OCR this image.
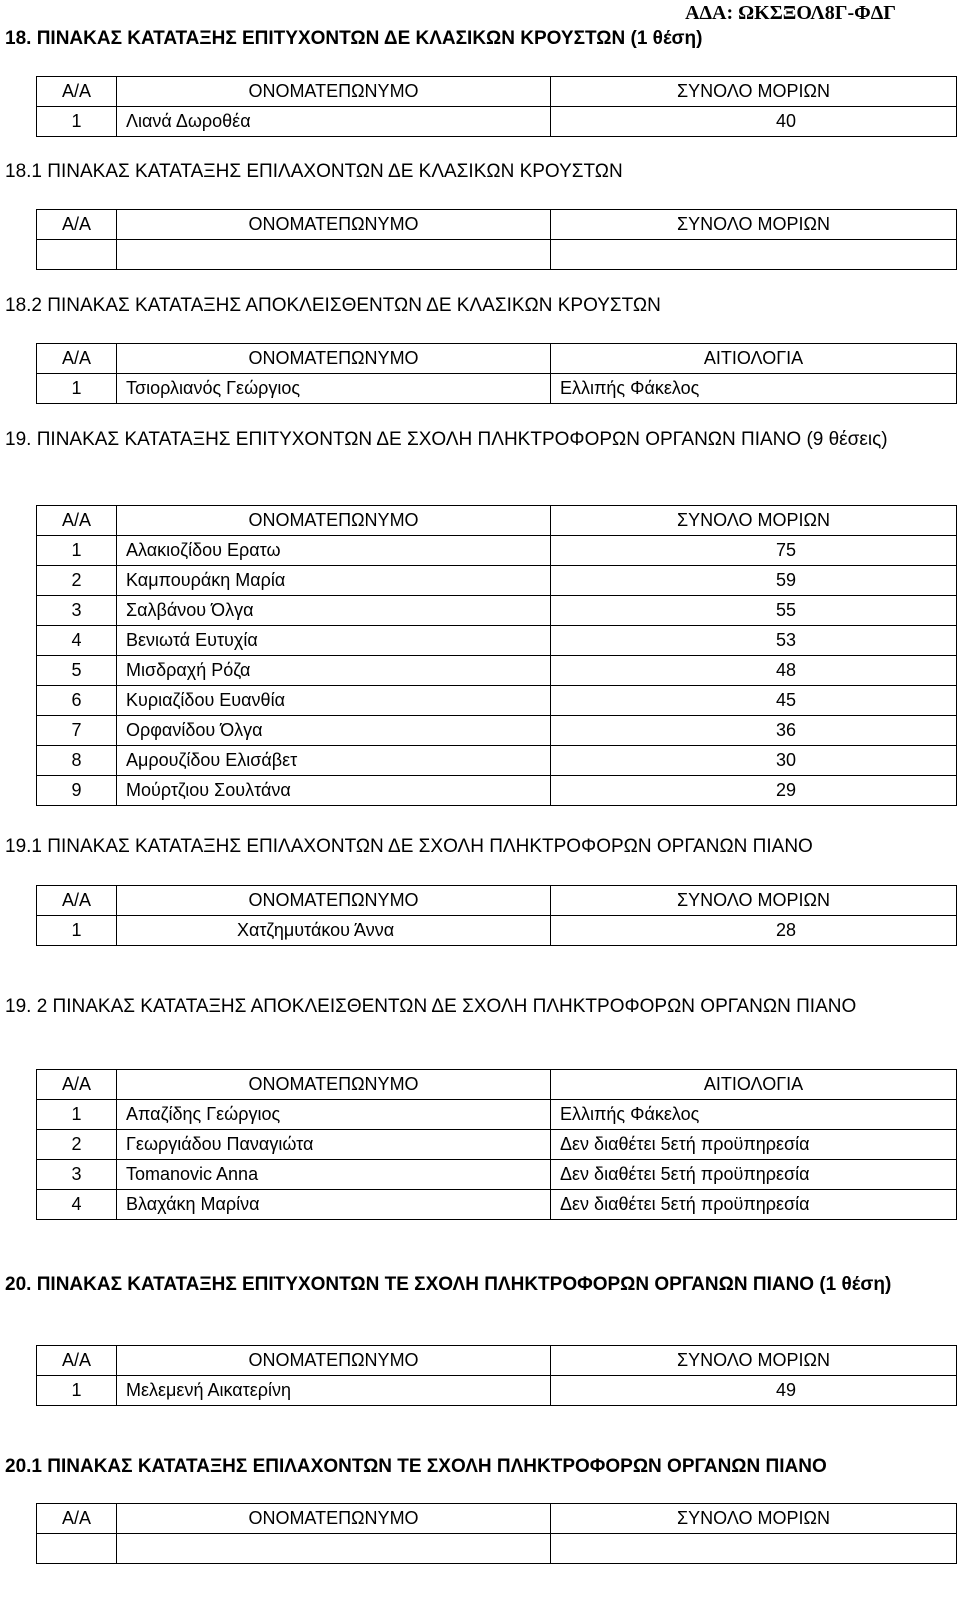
ΑΔΑ: ΩΚΣΞΟΛ8Γ-ΦΔΓ
18. ΠΙΝΑΚΑΣ ΚΑΤΑΤΑΞΗΣ ΕΠΙΤΥΧΟΝΤΩΝ ΔΕ ΚΛΑΣΙΚΩΝ ΚΡΟΥΣΤΩΝ (1 θέση)
Α/Α	ΟΝΟΜΑΤΕΠΩΝΥΜΟ	ΣΥΝΟΛΟ ΜΟΡΙΩΝ
1	Λιανά Δωροθέα	40
18.1 ΠΙΝΑΚΑΣ ΚΑΤΑΤΑΞΗΣ ΕΠΙΛΑΧΟΝΤΩΝ ΔΕ ΚΛΑΣΙΚΩΝ ΚΡΟΥΣΤΩΝ
Α/Α	ΟΝΟΜΑΤΕΠΩΝΥΜΟ	ΣΥΝΟΛΟ ΜΟΡΙΩΝ

18.2 ΠΙΝΑΚΑΣ ΚΑΤΑΤΑΞΗΣ ΑΠΟΚΛΕΙΣΘΕΝΤΩΝ ΔΕ ΚΛΑΣΙΚΩΝ ΚΡΟΥΣΤΩΝ
Α/Α	ΟΝΟΜΑΤΕΠΩΝΥΜΟ	ΑΙΤΙΟΛΟΓΙΑ
1	Τσιορλιανός Γεώργιος	Ελλιπής Φάκελος
19. ΠΙΝΑΚΑΣ ΚΑΤΑΤΑΞΗΣ ΕΠΙΤΥΧΟΝΤΩΝ ΔΕ ΣΧΟΛΗ ΠΛΗΚΤΡΟΦΟΡΩΝ ΟΡΓΑΝΩΝ ΠΙΑΝΟ (9 θέσεις)
Α/Α	ΟΝΟΜΑΤΕΠΩΝΥΜΟ	ΣΥΝΟΛΟ ΜΟΡΙΩΝ
1	Αλακιοζίδου Ερατω	75
2	Καμπουράκη Μαρία	59
3	Σαλβάνου Όλγα	55
4	Βενιωτά Ευτυχία	53
5	Μισδραχή Ρόζα	48
6	Κυριαζίδου Ευανθία	45
7	Ορφανίδου Όλγα	36
8	Αμρουζίδου Ελισάβετ	30
9	Μούρτζιου Σουλτάνα	29
19.1 ΠΙΝΑΚΑΣ ΚΑΤΑΤΑΞΗΣ ΕΠΙΛΑΧΟΝΤΩΝ ΔΕ ΣΧΟΛΗ ΠΛΗΚΤΡΟΦΟΡΩΝ ΟΡΓΑΝΩΝ ΠΙΑΝΟ
Α/Α	ΟΝΟΜΑΤΕΠΩΝΥΜΟ	ΣΥΝΟΛΟ ΜΟΡΙΩΝ
1	Χατζημυτάκου Άννα	28
19. 2 ΠΙΝΑΚΑΣ ΚΑΤΑΤΑΞΗΣ ΑΠΟΚΛΕΙΣΘΕΝΤΩΝ ΔΕ ΣΧΟΛΗ ΠΛΗΚΤΡΟΦΟΡΩΝ ΟΡΓΑΝΩΝ ΠΙΑΝΟ
Α/Α	ΟΝΟΜΑΤΕΠΩΝΥΜΟ	ΑΙΤΙΟΛΟΓΙΑ
1	Απαζίδης Γεώργιος	Ελλιπής Φάκελος
2	Γεωργιάδου Παναγιώτα	Δεν διαθέτει 5ετή προϋπηρεσία
3	Tomanovic Anna	Δεν διαθέτει 5ετή προϋπηρεσία
4	Βλαχάκη Μαρίνα	Δεν διαθέτει 5ετή προϋπηρεσία
20. ΠΙΝΑΚΑΣ ΚΑΤΑΤΑΞΗΣ ΕΠΙΤΥΧΟΝΤΩΝ ΤΕ ΣΧΟΛΗ ΠΛΗΚΤΡΟΦΟΡΩΝ ΟΡΓΑΝΩΝ ΠΙΑΝΟ (1 θέση)
Α/Α	ΟΝΟΜΑΤΕΠΩΝΥΜΟ	ΣΥΝΟΛΟ ΜΟΡΙΩΝ
1	Μελεμενή Αικατερίνη	49
20.1 ΠΙΝΑΚΑΣ ΚΑΤΑΤΑΞΗΣ ΕΠΙΛΑΧΟΝΤΩΝ ΤΕ ΣΧΟΛΗ ΠΛΗΚΤΡΟΦΟΡΩΝ ΟΡΓΑΝΩΝ ΠΙΑΝΟ
Α/Α	ΟΝΟΜΑΤΕΠΩΝΥΜΟ	ΣΥΝΟΛΟ ΜΟΡΙΩΝ
